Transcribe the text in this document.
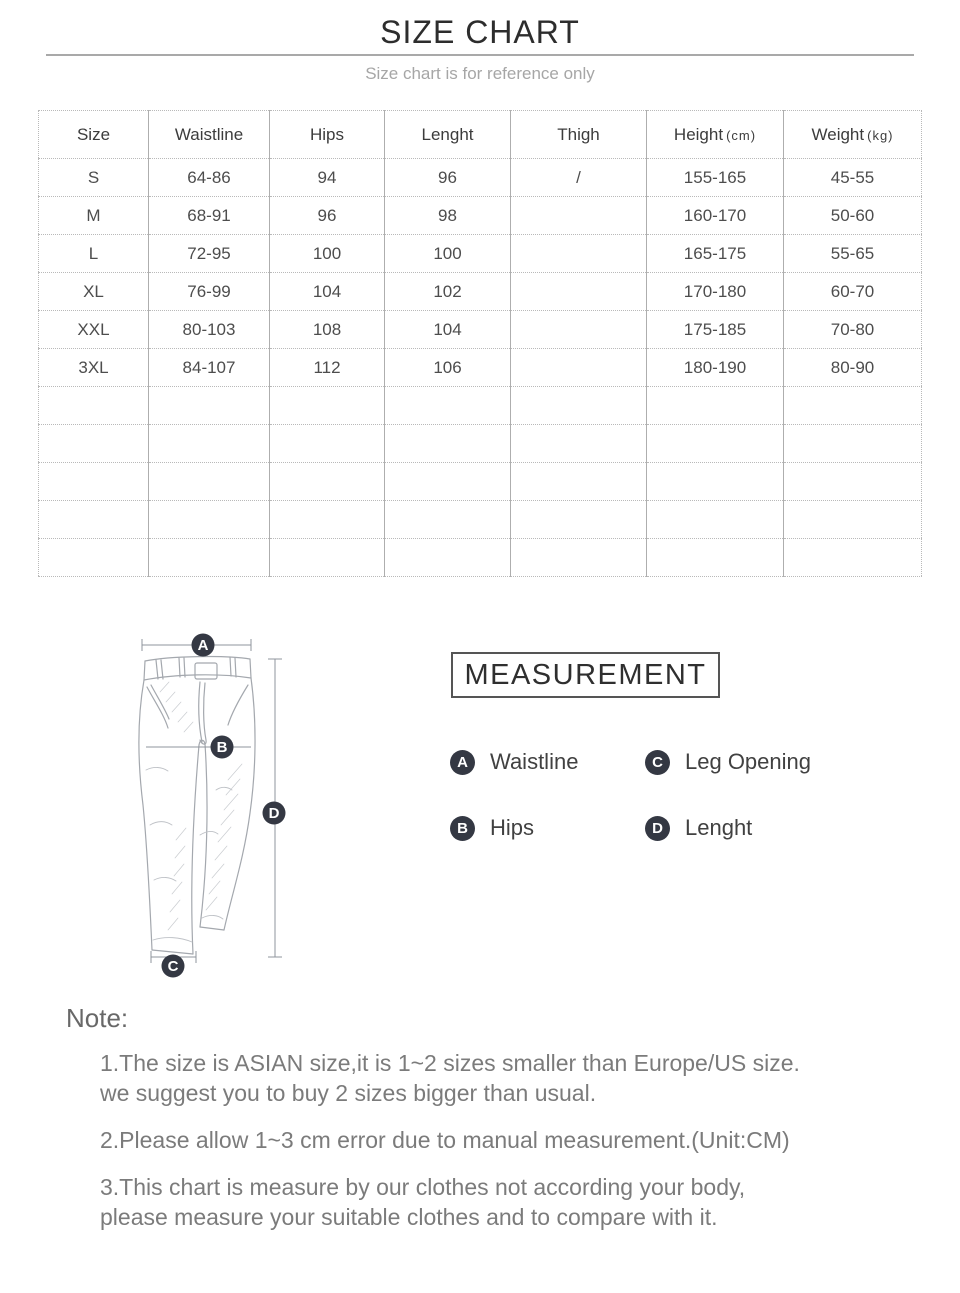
SIZE CHART

Size chart is for reference only

Size	Waistline	Hips	Lenght	Thigh	Height (cm)	Weight (kg)
S	64-86	94	96	/	155-165	45-55
M	68-91	96	98		160-170	50-60
L	72-95	100	100		165-175	55-65
XL	76-99	104	102		170-180	60-70
XXL	80-103	108	104		175-185	70-80
3XL	84-107	112	106		180-190	80-90

A
B
C
D
MEASUREMENT
A	Waistline	C	Leg Opening
B	Hips	D	Lenght
Note:

1.The size is ASIAN size,it is 1~2 sizes smaller than Europe/US size.
we suggest you to buy 2 sizes bigger than usual.

2.Please allow 1~3 cm error due to manual measurement.(Unit:CM)

3.This chart is measure by our clothes not according your body,
please measure your suitable clothes and to compare with it.
